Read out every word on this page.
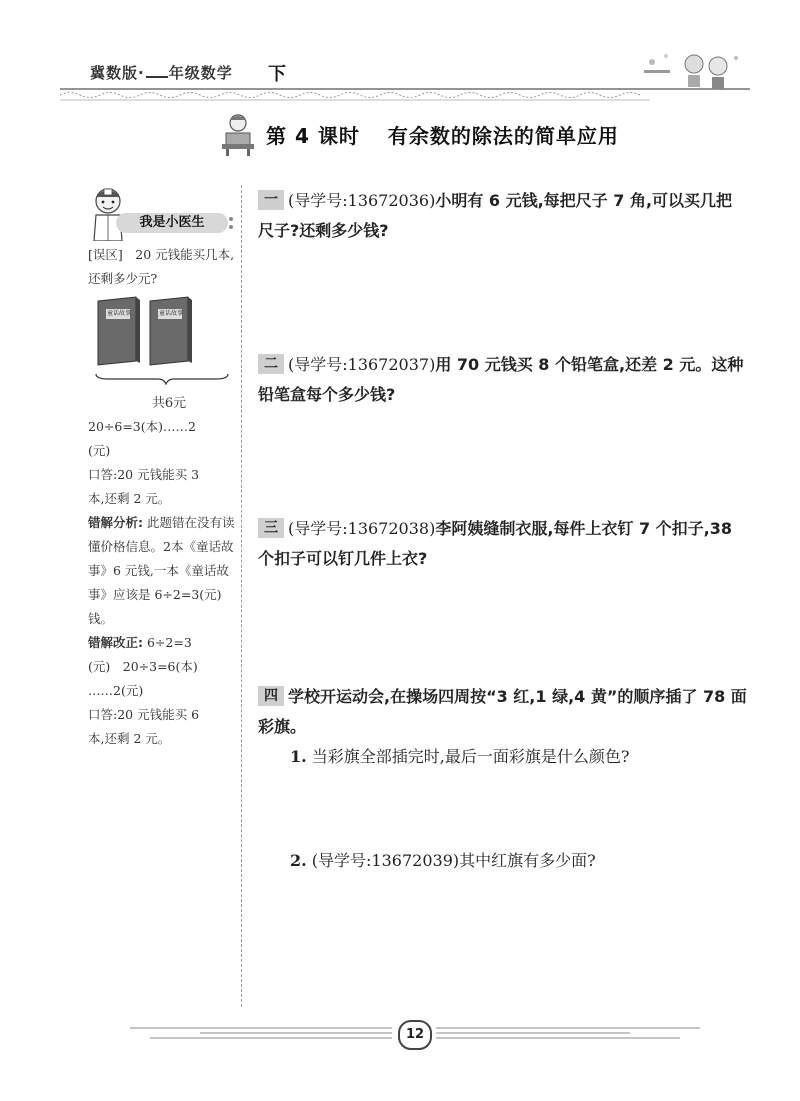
冀数版· 年级数学 下
第 4 课时 有余数的除法的简单应用
我是小医生

[误区]　20 元钱能买几本,还剩多少元?

童话故事	童话故事
共6元

20÷6=3(本)……2

(元)

口答:20 元钱能买 3

本,还剩 2 元。

错解分析: 此题错在没有读懂价格信息。2本《童话故事》6 元钱,一本《童话故事》应该是 6÷2=3(元)钱。

错解改正: 6÷2=3

(元)　20÷3=6(本)

……2(元)

口答:20 元钱能买 6

本,还剩 2 元。

一 (导学号:13672036)小明有 6 元钱,每把尺子 7 角,可以买几把尺子?还剩多少钱?
二 (导学号:13672037)用 70 元钱买 8 个铅笔盒,还差 2 元。这种铅笔盒每个多少钱?
三 (导学号:13672038)李阿姨缝制衣服,每件上衣钉 7 个扣子,38 个扣子可以钉几件上衣?
四 学校开运动会,在操场四周按“3 红,1 绿,4 黄”的顺序插了 78 面彩旗。
1. 当彩旗全部插完时,最后一面彩旗是什么颜色?
2. (导学号:13672039)其中红旗有多少面?
12
